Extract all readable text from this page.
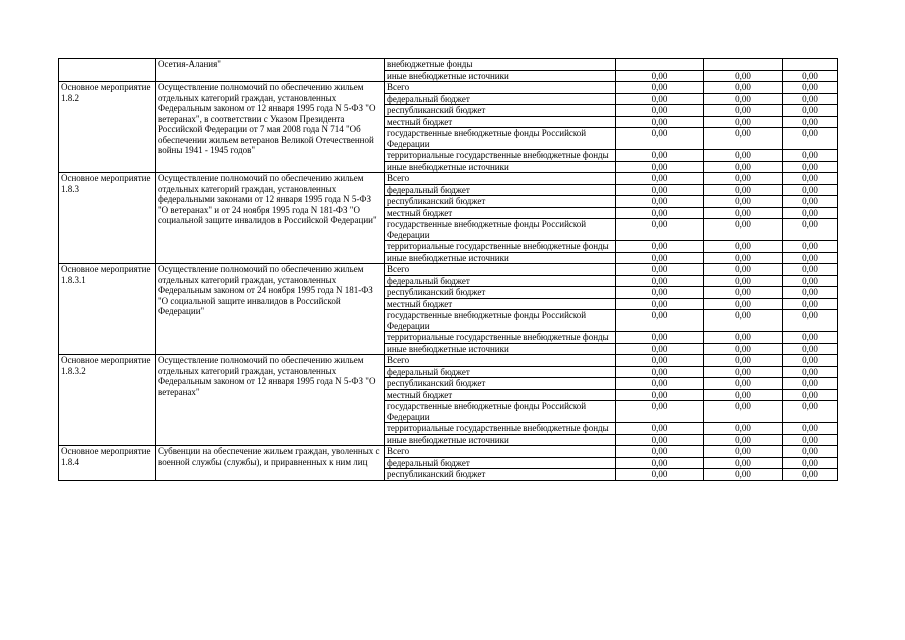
	Осетия-Алания"	внебюджетные фонды			
		иные внебюджетные источники	0,00	0,00	0,00
Основное мероприятие 1.8.2	Осуществление полномочий по обеспечению жильем отдельных категорий граждан, установленных Федеральным законом от 12 января 1995 года N 5-ФЗ "О ветеранах", в соответствии с Указом Президента Российской Федерации от 7 мая 2008 года N 714 "Об обеспечении жильем ветеранов Великой Отечественной войны 1941 - 1945 годов"	Всего	0,00	0,00	0,00
		федеральный бюджет	0,00	0,00	0,00
		республиканский бюджет	0,00	0,00	0,00
		местный бюджет	0,00	0,00	0,00
		государственные внебюджетные фонды Российской Федерации	0,00	0,00	0,00
		территориальные государственные внебюджетные фонды	0,00	0,00	0,00
		иные внебюджетные источники	0,00	0,00	0,00
Основное мероприятие 1.8.3	Осуществление полномочий по обеспечению жильем отдельных категорий граждан, установленных федеральными законами от 12 января 1995 года N 5-ФЗ "О ветеранах" и от 24 ноября 1995 года N 181-ФЗ "О социальной защите инвалидов в Российской Федерации"	Всего	0,00	0,00	0,00
		федеральный бюджет	0,00	0,00	0,00
		республиканский бюджет	0,00	0,00	0,00
		местный бюджет	0,00	0,00	0,00
		государственные внебюджетные фонды Российской Федерации	0,00	0,00	0,00
		территориальные государственные внебюджетные фонды	0,00	0,00	0,00
		иные внебюджетные источники	0,00	0,00	0,00
Основное мероприятие 1.8.3.1	Осуществление полномочий по обеспечению жильем отдельных категорий граждан, установленных Федеральным законом от 24 ноября 1995 года N 181-ФЗ "О социальной защите инвалидов в Российской Федерации"	Всего	0,00	0,00	0,00
		федеральный бюджет	0,00	0,00	0,00
		республиканский бюджет	0,00	0,00	0,00
		местный бюджет	0,00	0,00	0,00
		государственные внебюджетные фонды Российской Федерации	0,00	0,00	0,00
		территориальные государственные внебюджетные фонды	0,00	0,00	0,00
		иные внебюджетные источники	0,00	0,00	0,00
Основное мероприятие 1.8.3.2	Осуществление полномочий по обеспечению жильем отдельных категорий граждан, установленных Федеральным законом от 12 января 1995 года N 5-ФЗ "О ветеранах"	Всего	0,00	0,00	0,00
		федеральный бюджет	0,00	0,00	0,00
		республиканский бюджет	0,00	0,00	0,00
		местный бюджет	0,00	0,00	0,00
		государственные внебюджетные фонды Российской Федерации	0,00	0,00	0,00
		территориальные государственные внебюджетные фонды	0,00	0,00	0,00
		иные внебюджетные источники	0,00	0,00	0,00
Основное мероприятие 1.8.4	Субвенции на обеспечение жильем граждан, уволенных с военной службы (службы), и приравненных к ним лиц	Всего	0,00	0,00	0,00
		федеральный бюджет	0,00	0,00	0,00
		республиканский бюджет	0,00	0,00	0,00
